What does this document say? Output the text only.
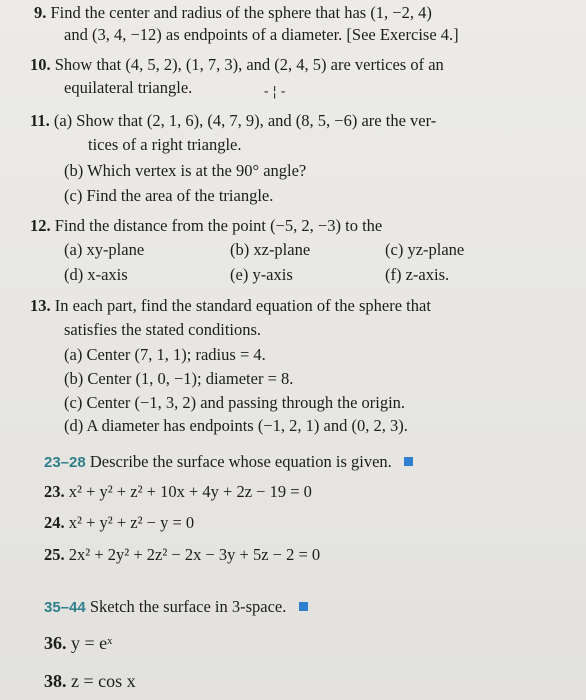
9. Find the center and radius of the sphere that has (1, −2, 4)
and (3, 4, −12) as endpoints of a diameter. [See Exercise 4.]
10. Show that (4, 5, 2), (1, 7, 3), and (2, 4, 5) are vertices of an
equilateral triangle.	-¦-
11. (a) Show that (2, 1, 6), (4, 7, 9), and (8, 5, −6) are the ver-
tices of a right triangle.
(b) Which vertex is at the 90° angle?
(c) Find the area of the triangle.
12. Find the distance from the point (−5, 2, −3) to the
(a) xy-plane	(b) xz-plane	(c) yz-plane
(d) x-axis	(e) y-axis	(f) z-axis.
13. In each part, find the standard equation of the sphere that
satisfies the stated conditions.
(a) Center (7, 1, 1); radius = 4.
(b) Center (1, 0, −1); diameter = 8.
(c) Center (−1, 3, 2) and passing through the origin.
(d) A diameter has endpoints (−1, 2, 1) and (0, 2, 3).
23–28 Describe the surface whose equation is given.
23. x² + y² + z² + 10x + 4y + 2z − 19 = 0
24. x² + y² + z² − y = 0
25. 2x² + 2y² + 2z² − 2x − 3y + 5z − 2 = 0
35–44 Sketch the surface in 3-space.
36. y = eˣ
38. z = cos x
